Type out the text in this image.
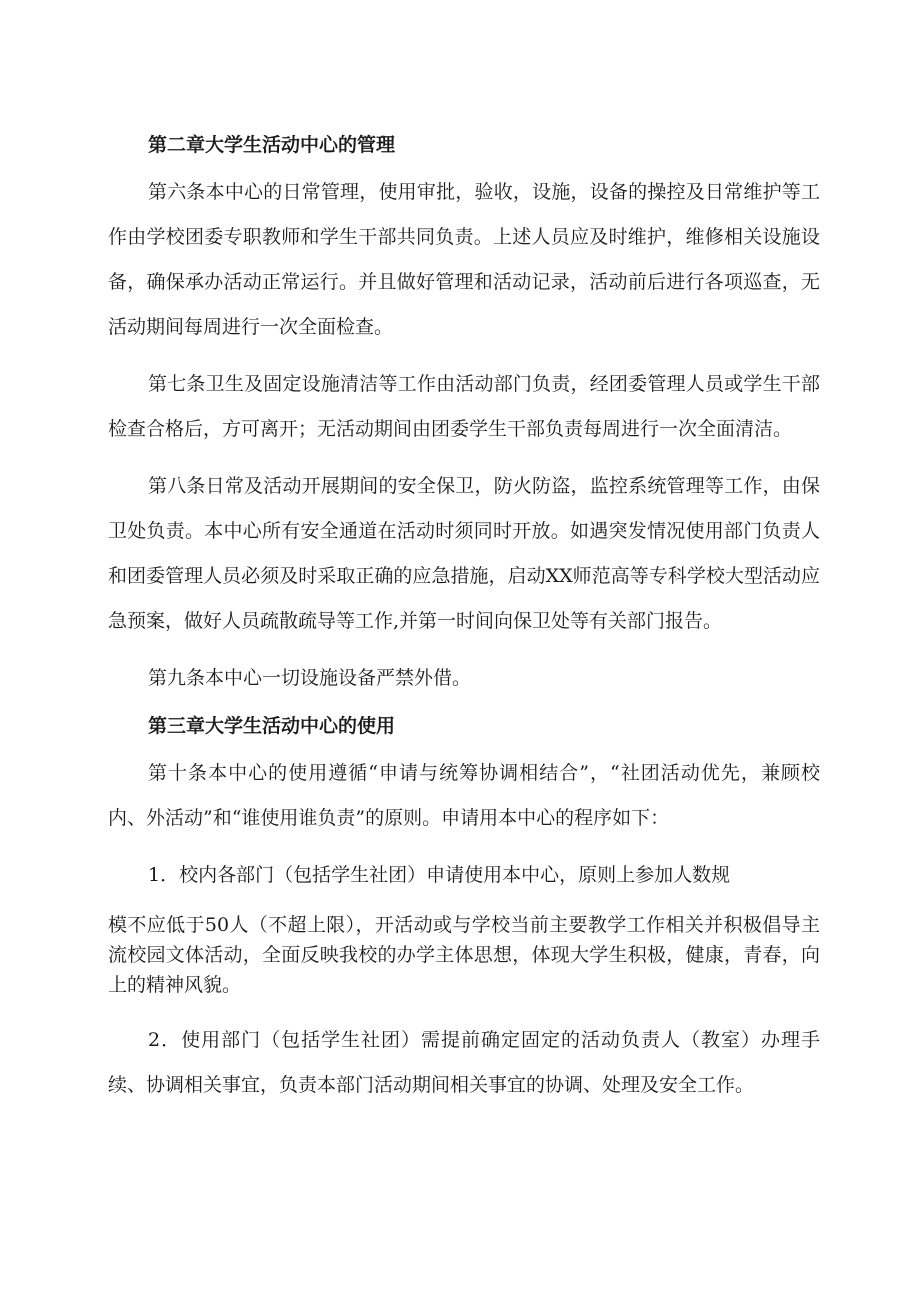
第二章大学生活动中心的管理

第六条本中心的日常管理，使用审批，验收，设施，设备的操控及日常维护等工作由学校团委专职教师和学生干部共同负责。上述人员应及时维护，维修相关设施设备，确保承办活动正常运行。并且做好管理和活动记录，活动前后进行各项巡查，无活动期间每周进行一次全面检查。

第七条卫生及固定设施清洁等工作由活动部门负责，经团委管理人员或学生干部检查合格后，方可离开；无活动期间由团委学生干部负责每周进行一次全面清洁。

第八条日常及活动开展期间的安全保卫，防火防盗，监控系统管理等工作，由保卫处负责。本中心所有安全通道在活动时须同时开放。如遇突发情况使用部门负责人和团委管理人员必须及时采取正确的应急措施，启动XX师范高等专科学校大型活动应急预案，做好人员疏散疏导等工作,并第一时间向保卫处等有关部门报告。

第九条本中心一切设施设备严禁外借。

第三章大学生活动中心的使用

第十条本中心的使用遵循“申请与统筹协调相结合”，“社团活动优先，兼顾校内、外活动”和“谁使用谁负责”的原则。申请用本中心的程序如下：

1．校内各部门（包括学生社团）申请使用本中心，原则上参加人数规

模不应低于50人（不超上限），开活动或与学校当前主要教学工作相关并积极倡导主流校园文体活动，全面反映我校的办学主体思想，体现大学生积极，健康，青春，向上的精神风貌。

2．使用部门（包括学生社团）需提前确定固定的活动负责人（教室）办理手续、协调相关事宜，负责本部门活动期间相关事宜的协调、处理及安全工作。
